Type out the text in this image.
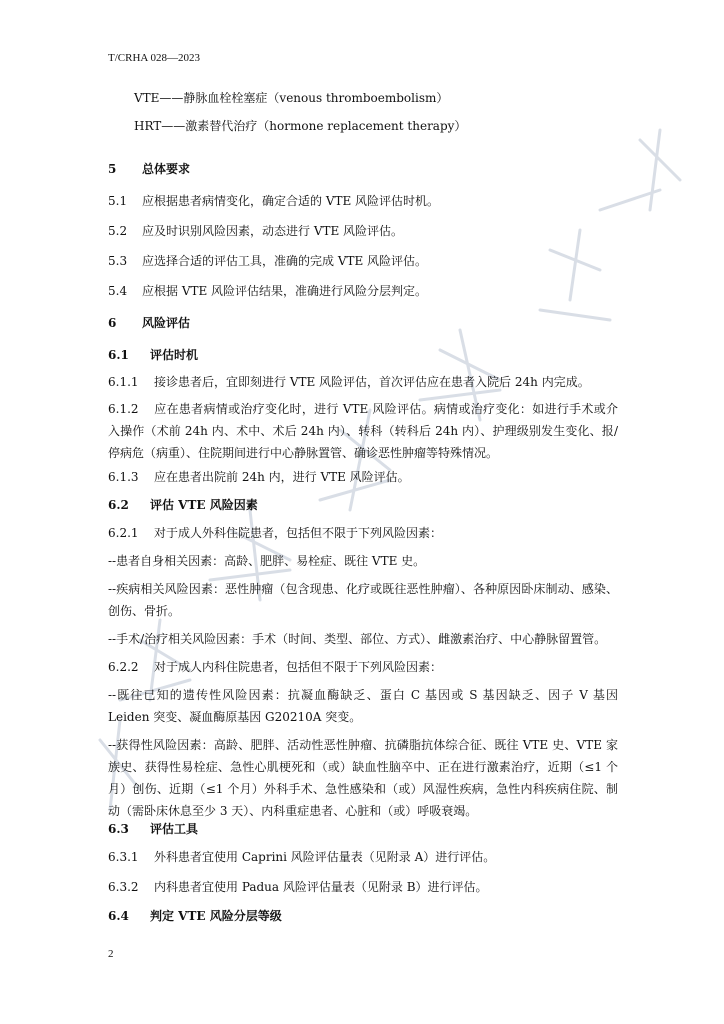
T/CRHA 028—2023
VTE——静脉血栓栓塞症（venous thromboembolism）
HRT——激素替代治疗（hormone replacement therapy）
5 总体要求
5.1 应根据患者病情变化，确定合适的 VTE 风险评估时机。
5.2 应及时识别风险因素，动态进行 VTE 风险评估。
5.3 应选择合适的评估工具，准确的完成 VTE 风险评估。
5.4 应根据 VTE 风险评估结果，准确进行风险分层判定。
6 风险评估
6.1 评估时机
6.1.1 接诊患者后，宜即刻进行 VTE 风险评估，首次评估应在患者入院后 24h 内完成。
6.1.2 应在患者病情或治疗变化时，进行 VTE 风险评估。病情或治疗变化：如进行手术或介入操作（术前 24h 内、术中、术后 24h 内）、转科（转科后 24h 内）、护理级别发生变化、报/停病危（病重）、住院期间进行中心静脉置管、确诊恶性肿瘤等特殊情况。
6.1.3 应在患者出院前 24h 内，进行 VTE 风险评估。
6.2 评估 VTE 风险因素
6.2.1 对于成人外科住院患者，包括但不限于下列风险因素：
--患者自身相关因素：高龄、肥胖、易栓症、既往 VTE 史。
--疾病相关风险因素：恶性肿瘤（包含现患、化疗或既往恶性肿瘤）、各种原因卧床制动、感染、创伤、骨折。
--手术/治疗相关风险因素：手术（时间、类型、部位、方式）、雌激素治疗、中心静脉留置管。
6.2.2 对于成人内科住院患者，包括但不限于下列风险因素：
--既往已知的遗传性风险因素：抗凝血酶缺乏、蛋白 C 基因或 S 基因缺乏、因子 V 基因 Leiden 突变、凝血酶原基因 G20210A 突变。
--获得性风险因素：高龄、肥胖、活动性恶性肿瘤、抗磷脂抗体综合征、既往 VTE 史、VTE 家族史、获得性易栓症、急性心肌梗死和（或）缺血性脑卒中、正在进行激素治疗，近期（≤1 个月）创伤、近期（≤1 个月）外科手术、急性感染和（或）风湿性疾病，急性内科疾病住院、制动（需卧床休息至少 3 天）、内科重症患者、心脏和（或）呼吸衰竭。
6.3 评估工具
6.3.1 外科患者宜使用 Caprini 风险评估量表（见附录 A）进行评估。
6.3.2 内科患者宜使用 Padua 风险评估量表（见附录 B）进行评估。
6.4 判定 VTE 风险分层等级
2
